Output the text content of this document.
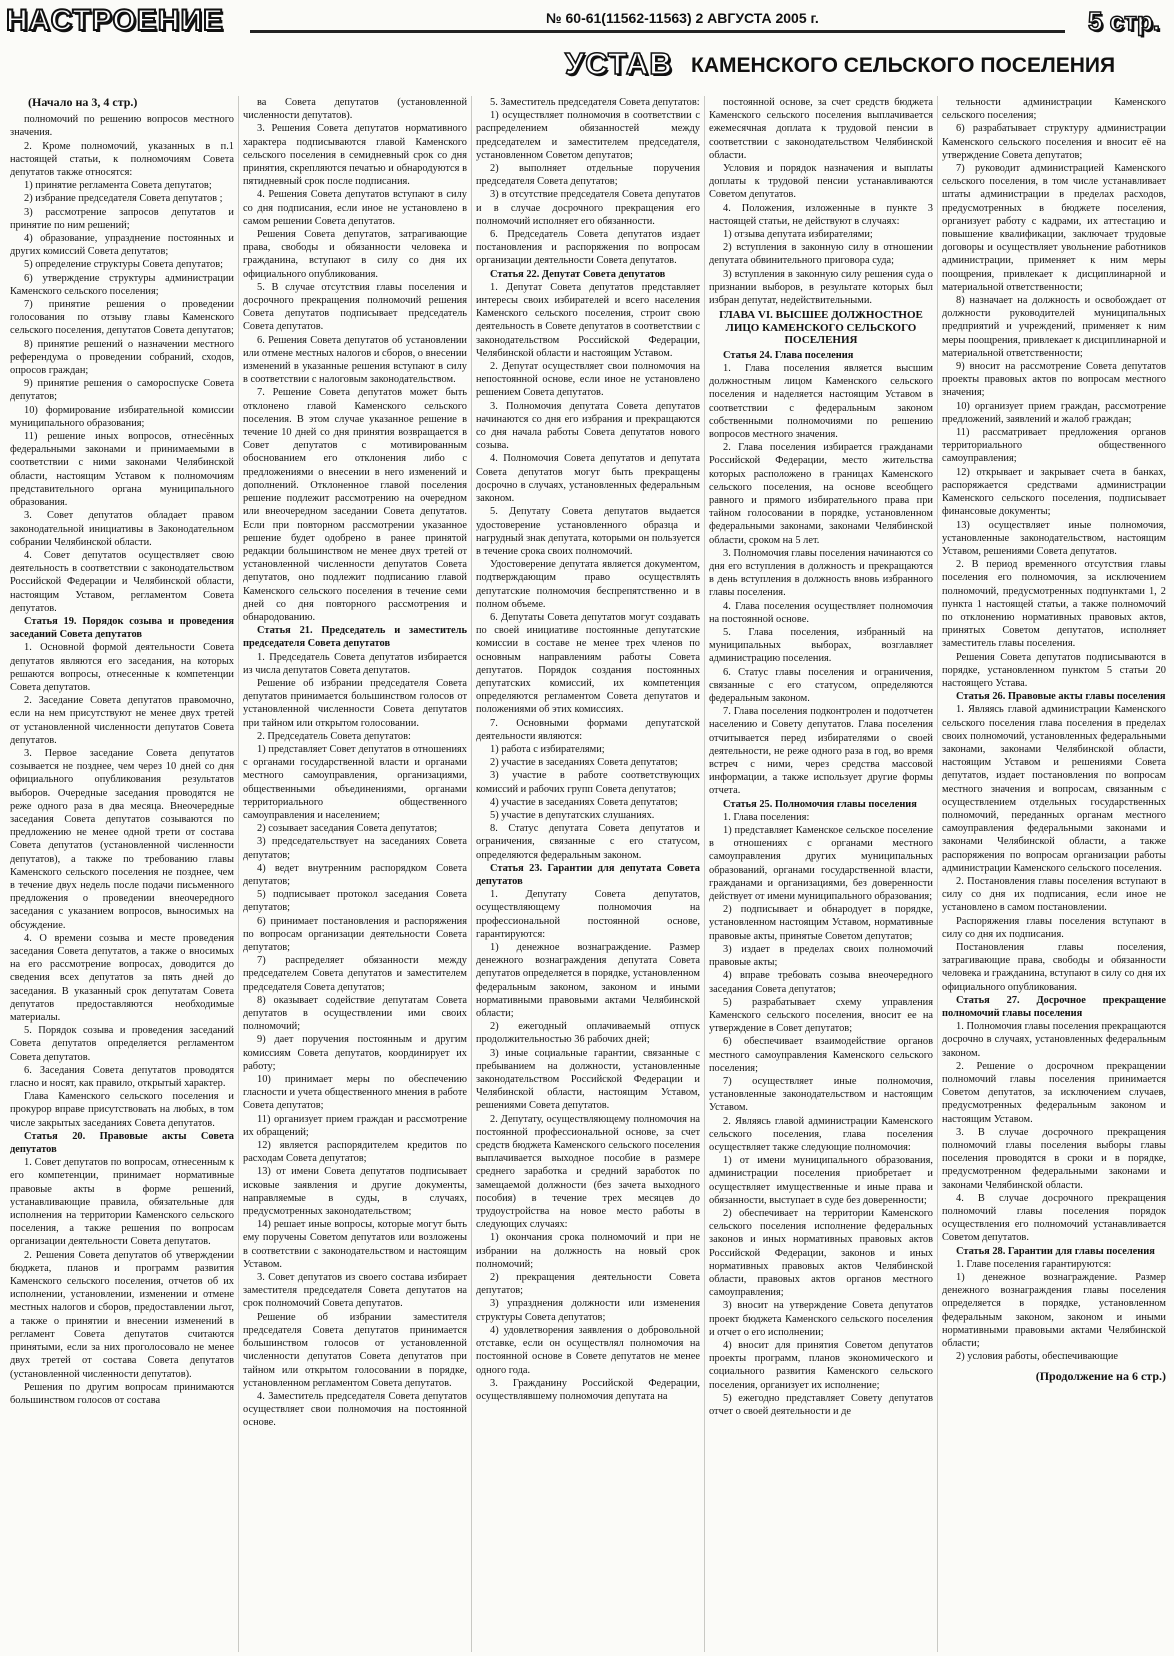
НАСТРОЕНИЕ	№ 60-61(11562-11563) 2 АВГУСТА 2005 г.	5 стр.
УСТАВ КАМЕНСКОГО СЕЛЬСКОГО ПОСЕЛЕНИЯ

(Начало на 3, 4 стр.)

полномочий по решению вопросов местного значения.

2. Кроме полномочий, указанных в п.1 настоящей статьи, к полномочиям Совета депутатов также относятся:

1) принятие регламента Совета депутатов;

2) избрание председателя Совета депутатов ;

3) рассмотрение запросов депутатов и принятие по ним решений;

4) образование, упразднение постоянных и других комиссий Совета депутатов;

5) определение структуры Совета депутатов;

6) утверждение структуры администрации Каменского сельского поселения;

7) принятие решения о проведении голосования по отзыву главы Каменского сельского поселения, депутатов Совета депутатов;

8) принятие решений о назначении местного референдума о проведении собраний, сходов, опросов граждан;

9) принятие решения о самороспуске Совета депутатов;

10) формирование избирательной комиссии муниципального образования;

11) решение иных вопросов, отнесённых федеральными законами и принимаемыми в соответствии с ними законами Челябинской области, настоящим Уставом к полномочиям представительного органа муниципального образования.

3. Совет депутатов обладает правом законодательной инициативы в Законодательном собрании Челябинской области.

4. Совет депутатов осуществляет свою деятельность в соответствии с законодательством Российской Федерации и Челябинской области, настоящим Уставом, регламентом Совета депутатов.

Статья 19. Порядок созыва и проведения заседаний Совета депутатов

1. Основной формой деятельности Совета депутатов являются его заседания, на которых решаются вопросы, отнесенные к компетенции Совета депутатов.

2. Заседание Совета депутатов правомочно, если на нем присутствуют не менее двух третей от установленной численности депутатов Совета депутатов.

3. Первое заседание Совета депутатов созывается не позднее, чем через 10 дней со дня официального опубликования результатов выборов. Очередные заседания проводятся не реже одного раза в два месяца. Внеочередные заседания Совета депутатов созываются по предложению не менее одной трети от состава Совета депутатов (установленной численности депутатов), а также по требованию главы Каменского сельского поселения не позднее, чем в течение двух недель после подачи письменного предложения о проведении внеочередного заседания с указанием вопросов, выносимых на обсуждение.

4. О времени созыва и месте проведения заседания Совета депутатов, а также о вносимых на его рассмотрение вопросах, доводится до сведения всех депутатов за пять дней до заседания. В указанный срок депутатам Совета депутатов предоставляются необходимые материалы.

5. Порядок созыва и проведения заседаний Совета депутатов определяется регламентом Совета депутатов.

6. Заседания Совета депутатов проводятся гласно и носят, как правило, открытый характер.

Глава Каменского сельского поселения и прокурор вправе присутствовать на любых, в том числе закрытых заседаниях Совета депутатов.

Статья 20. Правовые акты Совета депутатов

1. Совет депутатов по вопросам, отнесенным к его компетенции, принимает нормативные правовые акты в форме решений, устанавливающие правила, обязательные для исполнения на территории Каменского сельского поселения, а также решения по вопросам организации деятельности Совета депутатов.

2. Решения Совета депутатов об утверждении бюджета, планов и программ развития Каменского сельского поселения, отчетов об их исполнении, установлении, изменении и отмене местных налогов и сборов, предоставлении льгот, а также о принятии и внесении изменений в регламент Совета депутатов считаются принятыми, если за них проголосовало не менее двух третей от состава Совета депутатов (установленной численности депутатов).

Решения по другим вопросам принимаются большинством голосов от состава

ва Совета депутатов (установленной численности депутатов).

3. Решения Совета депутатов нормативного характера подписываются главой Каменского сельского поселения в семидневный срок со дня принятия, скрепляются печатью и обнародуются в пятидневный срок после подписания.

4. Решения Совета депутатов вступают в силу со дня подписания, если иное не установлено в самом решении Совета депутатов.

Решения Совета депутатов, затрагивающие права, свободы и обязанности человека и гражданина, вступают в силу со дня их официального опубликования.

5. В случае отсутствия главы поселения и досрочного прекращения полномочий решения Совета депутатов подписывает председатель Совета депутатов.

6. Решения Совета депутатов об установлении или отмене местных налогов и сборов, о внесении изменений в указанные решения вступают в силу в соответствии с налоговым законодательством.

7. Решение Совета депутатов может быть отклонено главой Каменского сельского поселения. В этом случае указанное решение в течение 10 дней со дня принятия возвращается в Совет депутатов с мотивированным обоснованием его отклонения либо с предложениями о внесении в него изменений и дополнений. Отклоненное главой поселения решение подлежит рассмотрению на очередном или внеочередном заседании Совета депутатов. Если при повторном рассмотрении указанное решение будет одобрено в ранее принятой редакции большинством не менее двух третей от установленной численности депутатов Совета депутатов, оно подлежит подписанию главой Каменского сельского поселения в течение семи дней со дня повторного рассмотрения и обнародованию.

Статья 21. Председатель и заместитель председателя Совета депутатов

1. Председатель Совета депутатов избирается из числа депутатов Совета депутатов.

Решение об избрании председателя Совета депутатов принимается большинством голосов от установленной численности Совета депутатов при тайном или открытом голосовании.

2. Председатель Совета депутатов:

1) представляет Совет депутатов в отношениях с органами государственной власти и органами местного самоуправления, организациями, общественными объединениями, органами территориального общественного самоуправления и населением;

2) созывает заседания Совета депутатов;

3) председательствует на заседаниях Совета депутатов;

4) ведет внутренним распорядком Совета депутатов;

5) подписывает протокол заседания Совета депутатов;

6) принимает постановления и распоряжения по вопросам организации деятельности Совета депутатов;

7) распределяет обязанности между председателем Совета депутатов и заместителем председателя Совета депутатов;

8) оказывает содействие депутатам Совета депутатов в осуществлении ими своих полномочий;

9) дает поручения постоянным и другим комиссиям Совета депутатов, координирует их работу;

10) принимает меры по обеспечению гласности и учета общественного мнения в работе Совета депутатов;

11) организует прием граждан и рассмотрение их обращений;

12) является распорядителем кредитов по расходам Совета депутатов;

13) от имени Совета депутатов подписывает исковые заявления и другие документы, направляемые в суды, в случаях, предусмотренных законодательством;

14) решает иные вопросы, которые могут быть ему поручены Советом депутатов или возложены в соответствии с законодательством и настоящим Уставом.

3. Совет депутатов из своего состава избирает заместителя председателя Совета депутатов на срок полномочий Совета депутатов.

Решение об избрании заместителя председателя Совета депутатов принимается большинством голосов от установленной численности депутатов Совета депутатов при тайном или открытом голосовании в порядке, установленном регламентом Совета депутатов.

4. Заместитель председателя Совета депутатов осуществляет свои полномочия на постоянной основе.

5. Заместитель председателя Совета депутатов:

1) осуществляет полномочия в соответствии с распределением обязанностей между председателем и заместителем председателя, установленном Советом депутатов;

2) выполняет отдельные поручения председателя Совета депутатов;

3) в отсутствие председателя Совета депутатов и в случае досрочного прекращения его полномочий исполняет его обязанности.

6. Председатель Совета депутатов издает постановления и распоряжения по вопросам организации деятельности Совета депутатов.

Статья 22. Депутат Совета депутатов

1. Депутат Совета депутатов представляет интересы своих избирателей и всего населения Каменского сельского поселения, строит свою деятельность в Совете депутатов в соответствии с законодательством Российской Федерации, Челябинской области и настоящим Уставом.

2. Депутат осуществляет свои полномочия на непостоянной основе, если иное не установлено решением Совета депутатов.

3. Полномочия депутата Совета депутатов начинаются со дня его избрания и прекращаются со дня начала работы Совета депутатов нового созыва.

4. Полномочия Совета депутатов и депутата Совета депутатов могут быть прекращены досрочно в случаях, установленных федеральным законом.

5. Депутату Совета депутатов выдается удостоверение установленного образца и нагрудный знак депутата, которыми он пользуется в течение срока своих полномочий.

Удостоверение депутата является документом, подтверждающим право осуществлять депутатские полномочия беспрепятственно и в полном объеме.

6. Депутаты Совета депутатов могут создавать по своей инициативе постоянные депутатские комиссии в составе не менее трех членов по основным направлениям работы Совета депутатов. Порядок создания постоянных депутатских комиссий, их компетенция определяются регламентом Совета депутатов и положениями об этих комиссиях.

7. Основными формами депутатской деятельности являются:

1) работа с избирателями;

2) участие в заседаниях Совета депутатов;

3) участие в работе соответствующих комиссий и рабочих групп Совета депутатов;

4) участие в заседаниях Совета депутатов;

5) участие в депутатских слушаниях.

8. Статус депутата Совета депутатов и ограничения, связанные с его статусом, определяются федеральным законом.

Статья 23. Гарантии для депутата Совета депутатов

1. Депутату Совета депутатов, осуществляющему полномочия на профессиональной постоянной основе, гарантируются:

1) денежное вознаграждение. Размер денежного вознаграждения депутата Совета депутатов определяется в порядке, установленном федеральным законом, законом и иными нормативными правовыми актами Челябинской области;

2) ежегодный оплачиваемый отпуск продолжительностью 36 рабочих дней;

3) иные социальные гарантии, связанные с пребыванием на должности, установленные законодательством Российской Федерации и Челябинской области, настоящим Уставом, решениями Совета депутатов.

2. Депутату, осуществляющему полномочия на постоянной профессиональной основе, за счет средств бюджета Каменского сельского поселения выплачивается выходное пособие в размере среднего заработка и средний заработок по замещаемой должности (без зачета выходного пособия) в течение трех месяцев до трудоустройства на новое место работы в следующих случаях:

1) окончания срока полномочий и при не избрании на должность на новый срок полномочий;

2) прекращения деятельности Совета депутатов;

3) упразднения должности или изменения структуры Совета депутатов;

4) удовлетворения заявления о добровольной отставке, если он осуществлял полномочия на постоянной основе в Совете депутатов не менее одного года.

3. Гражданину Российской Федерации, осуществлявшему полномочия депутата на

постоянной основе, за счет средств бюджета Каменского сельского поселения выплачивается ежемесячная доплата к трудовой пенсии в соответствии с законодательством Челябинской области.

Условия и порядок назначения и выплаты доплаты к трудовой пенсии устанавливаются Советом депутатов.

4. Положения, изложенные в пункте 3 настоящей статьи, не действуют в случаях:

1) отзыва депутата избирателями;

2) вступления в законную силу в отношении депутата обвинительного приговора суда;

3) вступления в законную силу решения суда о признании выборов, в результате которых был избран депутат, недействительными.

ГЛАВА VI. ВЫСШЕЕ ДОЛЖНОСТНОЕ ЛИЦО КАМЕНСКОГО СЕЛЬСКОГО ПОСЕЛЕНИЯ

Статья 24. Глава поселения

1. Глава поселения является высшим должностным лицом Каменского сельского поселения и наделяется настоящим Уставом в соответствии с федеральным законом собственными полномочиями по решению вопросов местного значения.

2. Глава поселения избирается гражданами Российской Федерации, место жительства которых расположено в границах Каменского сельского поселения, на основе всеобщего равного и прямого избирательного права при тайном голосовании в порядке, установленном федеральными законами, законами Челябинской области, сроком на 5 лет.

3. Полномочия главы поселения начинаются со дня его вступления в должность и прекращаются в день вступления в должность вновь избранного главы поселения.

4. Глава поселения осуществляет полномочия на постоянной основе.

5. Глава поселения, избранный на муниципальных выборах, возглавляет администрацию поселения.

6. Статус главы поселения и ограничения, связанные с его статусом, определяются федеральным законом.

7. Глава поселения подконтролен и подотчетен населению и Совету депутатов. Глава поселения отчитывается перед избирателями о своей деятельности, не реже одного раза в год, во время встреч с ними, через средства массовой информации, а также использует другие формы отчета.

Статья 25. Полномочия главы поселения

1. Глава поселения:

1) представляет Каменское сельское поселение в отношениях с органами местного самоуправления других муниципальных образований, органами государственной власти, гражданами и организациями, без доверенности действует от имени муниципального образования;

2) подписывает и обнародует в порядке, установленном настоящим Уставом, нормативные правовые акты, принятые Советом депутатов;

3) издает в пределах своих полномочий правовые акты;

4) вправе требовать созыва внеочередного заседания Совета депутатов;

5) разрабатывает схему управления Каменского сельского поселения, вносит ее на утверждение в Совет депутатов;

6) обеспечивает взаимодействие органов местного самоуправления Каменского сельского поселения;

7) осуществляет иные полномочия, установленные законодательством и настоящим Уставом.

2. Являясь главой администрации Каменского сельского поселения, глава поселения осуществляет также следующие полномочия:

1) от имени муниципального образования, администрации поселения приобретает и осуществляет имущественные и иные права и обязанности, выступает в суде без доверенности;

2) обеспечивает на территории Каменского сельского поселения исполнение федеральных законов и иных нормативных правовых актов Российской Федерации, законов и иных нормативных правовых актов Челябинской области, правовых актов органов местного самоуправления;

3) вносит на утверждение Совета депутатов проект бюджета Каменского сельского поселения и отчет о его исполнении;

4) вносит для принятия Советом депутатов проекты программ, планов экономического и социального развития Каменского сельского поселения, организует их исполнение;

5) ежегодно представляет Совету депутатов отчет о своей деятельности и де

тельности администрации Каменского сельского поселения;

6) разрабатывает структуру администрации Каменского сельского поселения и вносит её на утверждение Совета депутатов;

7) руководит администрацией Каменского сельского поселения, в том числе устанавливает штаты администрации в пределах расходов, предусмотренных в бюджете поселения, организует работу с кадрами, их аттестацию и повышение квалификации, заключает трудовые договоры и осуществляет увольнение работников администрации, применяет к ним меры поощрения, привлекает к дисциплинарной и материальной ответственности;

8) назначает на должность и освобождает от должности руководителей муниципальных предприятий и учреждений, применяет к ним меры поощрения, привлекает к дисциплинарной и материальной ответственности;

9) вносит на рассмотрение Совета депутатов проекты правовых актов по вопросам местного значения;

10) организует прием граждан, рассмотрение предложений, заявлений и жалоб граждан;

11) рассматривает предложения органов территориального общественного самоуправления;

12) открывает и закрывает счета в банках, распоряжается средствами администрации Каменского сельского поселения, подписывает финансовые документы;

13) осуществляет иные полномочия, установленные законодательством, настоящим Уставом, решениями Совета депутатов.

2. В период временного отсутствия главы поселения его полномочия, за исключением полномочий, предусмотренных подпунктами 1, 2 пункта 1 настоящей статьи, а также полномочий по отклонению нормативных правовых актов, принятых Советом депутатов, исполняет заместитель главы поселения.

Решения Совета депутатов подписываются в порядке, установленном пунктом 5 статьи 20 настоящего Устава.

Статья 26. Правовые акты главы поселения

1. Являясь главой администрации Каменского сельского поселения глава поселения в пределах своих полномочий, установленных федеральными законами, законами Челябинской области, настоящим Уставом и решениями Совета депутатов, издает постановления по вопросам местного значения и вопросам, связанным с осуществлением отдельных государственных полномочий, переданных органам местного самоуправления федеральными законами и законами Челябинской области, а также распоряжения по вопросам организации работы администрации Каменского сельского поселения.

2. Постановления главы поселения вступают в силу со дня их подписания, если иное не установлено в самом постановлении.

Распоряжения главы поселения вступают в силу со дня их подписания.

Постановления главы поселения, затрагивающие права, свободы и обязанности человека и гражданина, вступают в силу со дня их официального опубликования.

Статья 27. Досрочное прекращение полномочий главы поселения

1. Полномочия главы поселения прекращаются досрочно в случаях, установленных федеральным законом.

2. Решение о досрочном прекращении полномочий главы поселения принимается Советом депутатов, за исключением случаев, предусмотренных федеральным законом и настоящим Уставом.

3. В случае досрочного прекращения полномочий главы поселения выборы главы поселения проводятся в сроки и в порядке, предусмотренном федеральными законами и законами Челябинской области.

4. В случае досрочного прекращения полномочий главы поселения порядок осуществления его полномочий устанавливается Советом депутатов.

Статья 28. Гарантии для главы поселения

1. Главе поселения гарантируются:

1) денежное вознаграждение. Размер денежного вознаграждения главы поселения определяется в порядке, установленном федеральным законом, законом и иными нормативными правовыми актами Челябинской области;

2) условия работы, обеспечивающие

(Продолжение на 6 стр.)
